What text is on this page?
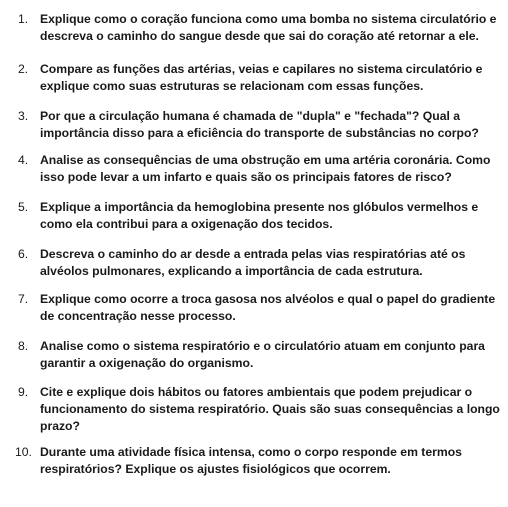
1. Explique como o coração funciona como uma bomba no sistema circulatório e
descreva o caminho do sangue desde que sai do coração até retornar a ele.
2. Compare as funções das artérias, veias e capilares no sistema circulatório e
explique como suas estruturas se relacionam com essas funções.
3. Por que a circulação humana é chamada de "dupla" e "fechada"? Qual a
importância disso para a eficiência do transporte de substâncias no corpo?
4. Analise as consequências de uma obstrução em uma artéria coronária. Como
isso pode levar a um infarto e quais são os principais fatores de risco?
5. Explique a importância da hemoglobina presente nos glóbulos vermelhos e
como ela contribui para a oxigenação dos tecidos.
6. Descreva o caminho do ar desde a entrada pelas vias respiratórias até os
alvéolos pulmonares, explicando a importância de cada estrutura.
7. Explique como ocorre a troca gasosa nos alvéolos e qual o papel do gradiente
de concentração nesse processo.
8. Analise como o sistema respiratório e o circulatório atuam em conjunto para
garantir a oxigenação do organismo.
9. Cite e explique dois hábitos ou fatores ambientais que podem prejudicar o
funcionamento do sistema respiratório. Quais são suas consequências a longo
prazo?
10. Durante uma atividade física intensa, como o corpo responde em termos
respiratórios? Explique os ajustes fisiológicos que ocorrem.
